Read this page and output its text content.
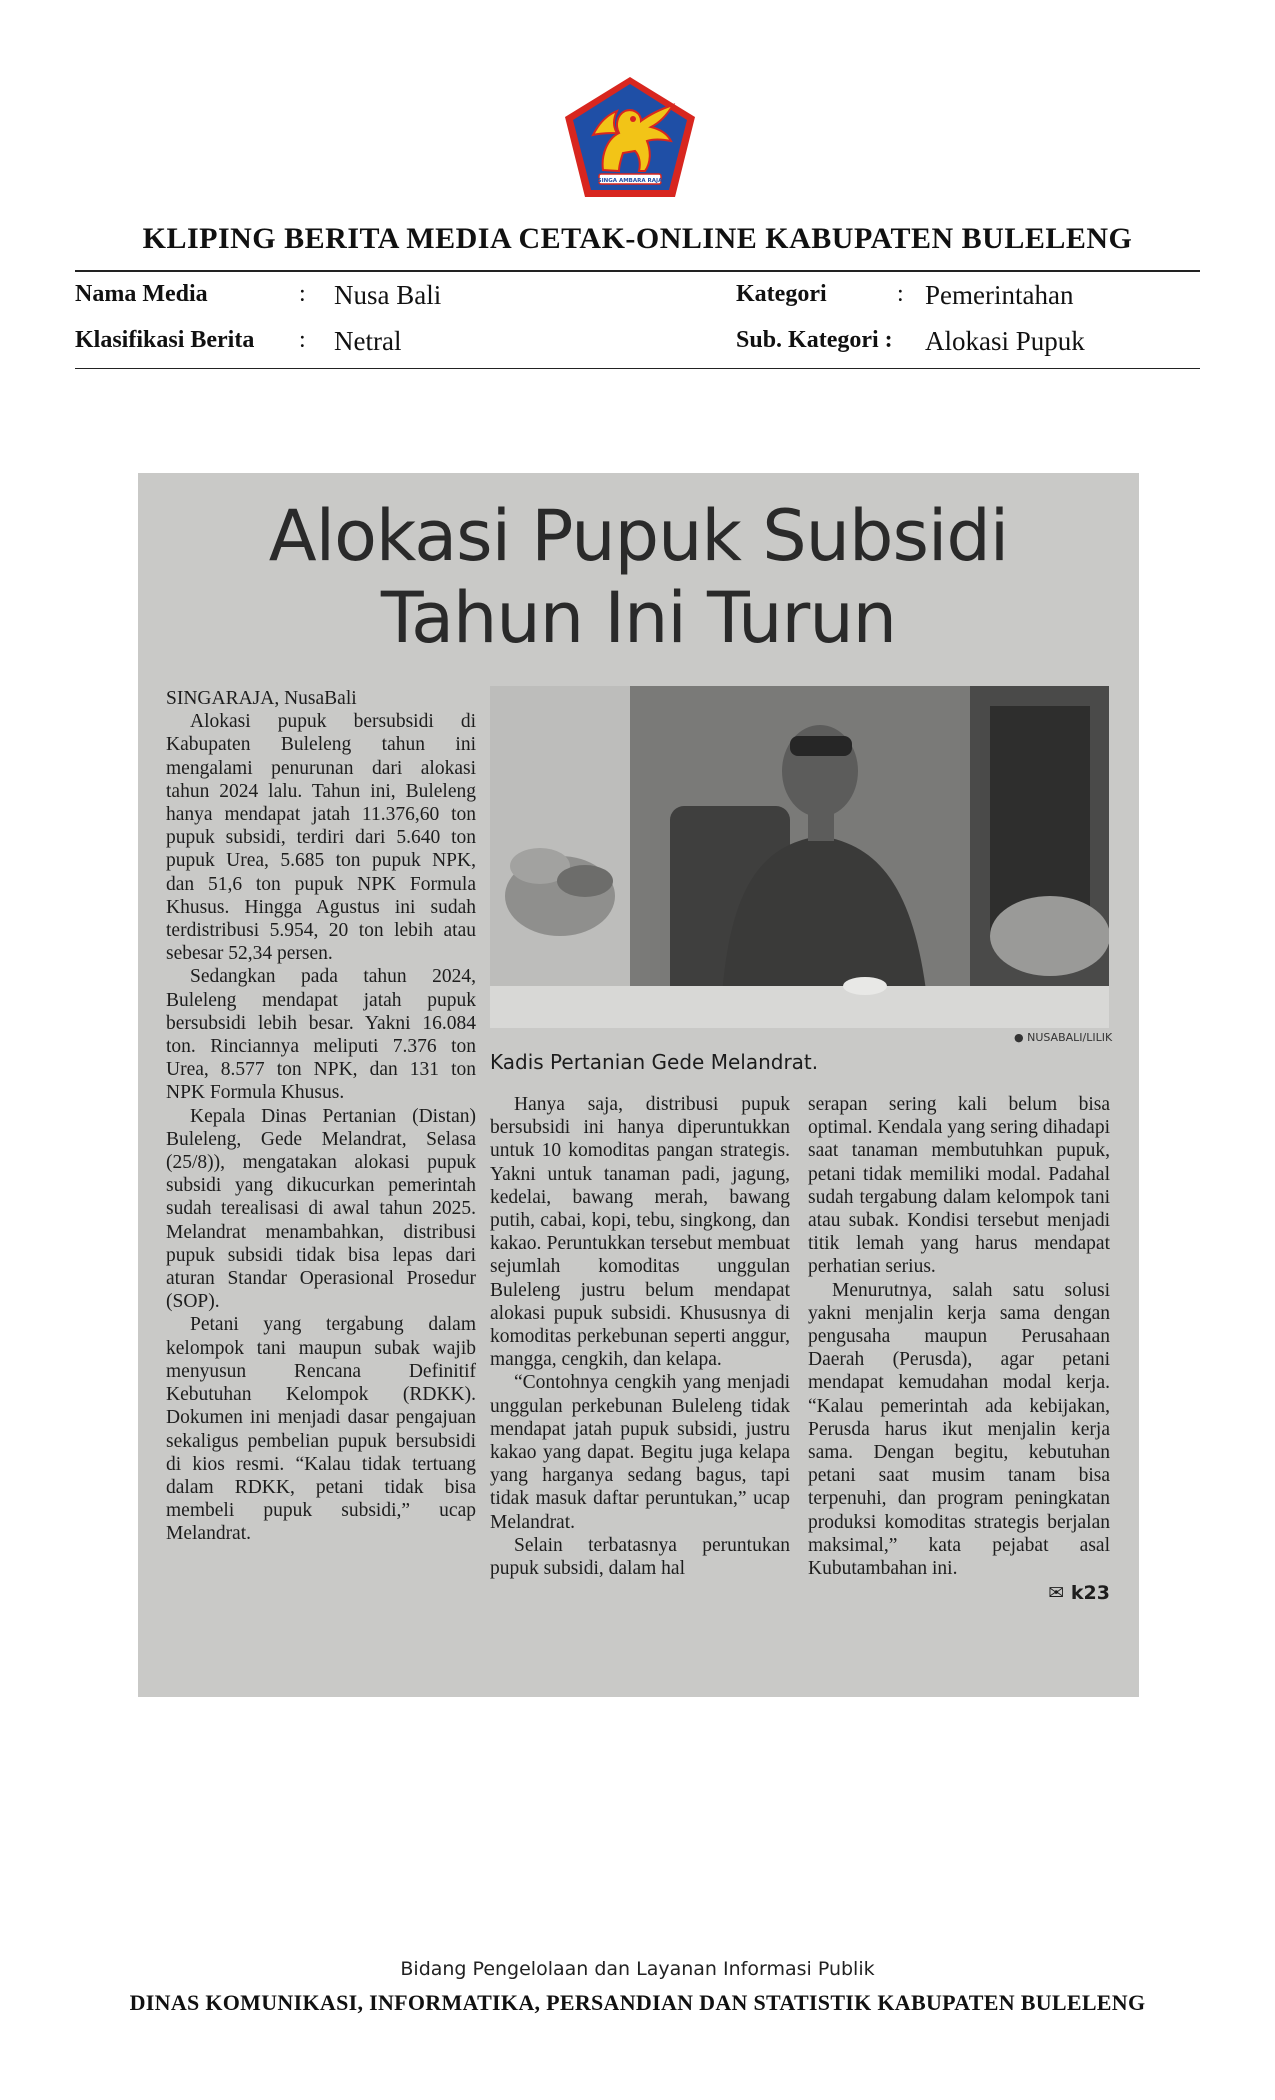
SINGA AMBARA RAJA
KLIPING BERITA MEDIA CETAK-ONLINE KABUPATEN BULELENG
Nama Media	: Nusa Bali	Kategori	: Pemerintahan
Klasifikasi Berita : Netral	Sub. Kategori : Alokasi Pupuk
Alokasi Pupuk Subsidi
Tahun Ini Turun

SINGARAJA, NusaBali

Alokasi pupuk bersubsidi di Kabupaten Buleleng tahun ini mengalami penurunan dari alokasi tahun 2024 lalu. Tahun ini, Buleleng hanya mendapat jatah 11.376,60 ton pupuk subsidi, terdiri dari 5.640 ton pupuk Urea, 5.685 ton pupuk NPK, dan 51,6 ton pupuk NPK Formula Khusus. Hingga Agustus ini sudah terdistribusi 5.954, 20 ton lebih atau sebesar 52,34 persen.

Sedangkan pada tahun 2024, Buleleng mendapat jatah pupuk bersubsidi lebih besar. Yakni 16.084 ton. Rinciannya meliputi 7.376 ton Urea, 8.577 ton NPK, dan 131 ton NPK Formula Khusus.

Kepala Dinas Pertanian (Distan) Buleleng, Gede Melandrat, Selasa (25/8)), mengatakan alokasi pupuk subsidi yang dikucurkan pemerintah sudah terealisasi di awal tahun 2025. Melandrat menambahkan, distribusi pupuk subsidi tidak bisa lepas dari aturan Standar Operasional Prosedur (SOP).

Petani yang tergabung dalam kelompok tani maupun subak wajib menyusun Rencana Definitif Kebutuhan Kelompok (RDKK). Dokumen ini menjadi dasar pengajuan sekaligus pembelian pupuk bersubsidi di kios resmi. “Kalau tidak tertuang dalam RDKK, petani tidak bisa membeli pupuk subsidi,” ucap Melandrat.

● NUSABALI/LILIK
Kadis Pertanian Gede Melandrat.

Hanya saja, distribusi pupuk bersubsidi ini hanya diperuntukkan untuk 10 komoditas pangan strategis. Yakni untuk tanaman padi, jagung, kedelai, bawang merah, bawang putih, cabai, kopi, tebu, singkong, dan kakao. Peruntukkan tersebut membuat sejumlah komoditas unggulan Buleleng justru belum mendapat alokasi pupuk subsidi. Khususnya di komoditas perkebunan seperti anggur, mangga, cengkih, dan kelapa.

“Contohnya cengkih yang menjadi unggulan perkebunan Buleleng tidak mendapat jatah pupuk subsidi, justru kakao yang dapat. Begitu juga kelapa yang harganya sedang bagus, tapi tidak masuk daftar peruntukan,” ucap Melandrat.

Selain terbatasnya peruntukan pupuk subsidi, dalam hal

serapan sering kali belum bisa optimal. Kendala yang sering dihadapi saat tanaman membutuhkan pupuk, petani tidak memiliki modal. Padahal sudah tergabung dalam kelompok tani atau subak. Kondisi tersebut menjadi titik lemah yang harus mendapat perhatian serius.

Menurutnya, salah satu solusi yakni menjalin kerja sama dengan pengusaha maupun Perusahaan Daerah (Perusda), agar petani mendapat kemudahan modal kerja. “Kalau pemerintah ada kebijakan, Perusda harus ikut menjalin kerja sama. Dengan begitu, kebutuhan petani saat musim tanam bisa terpenuhi, dan program peningkatan produksi komoditas strategis berjalan maksimal,” kata pejabat asal Kubutambahan ini.

✉ k23
Bidang Pengelolaan dan Layanan Informasi Publik
DINAS KOMUNIKASI, INFORMATIKA, PERSANDIAN DAN STATISTIK KABUPATEN BULELENG
